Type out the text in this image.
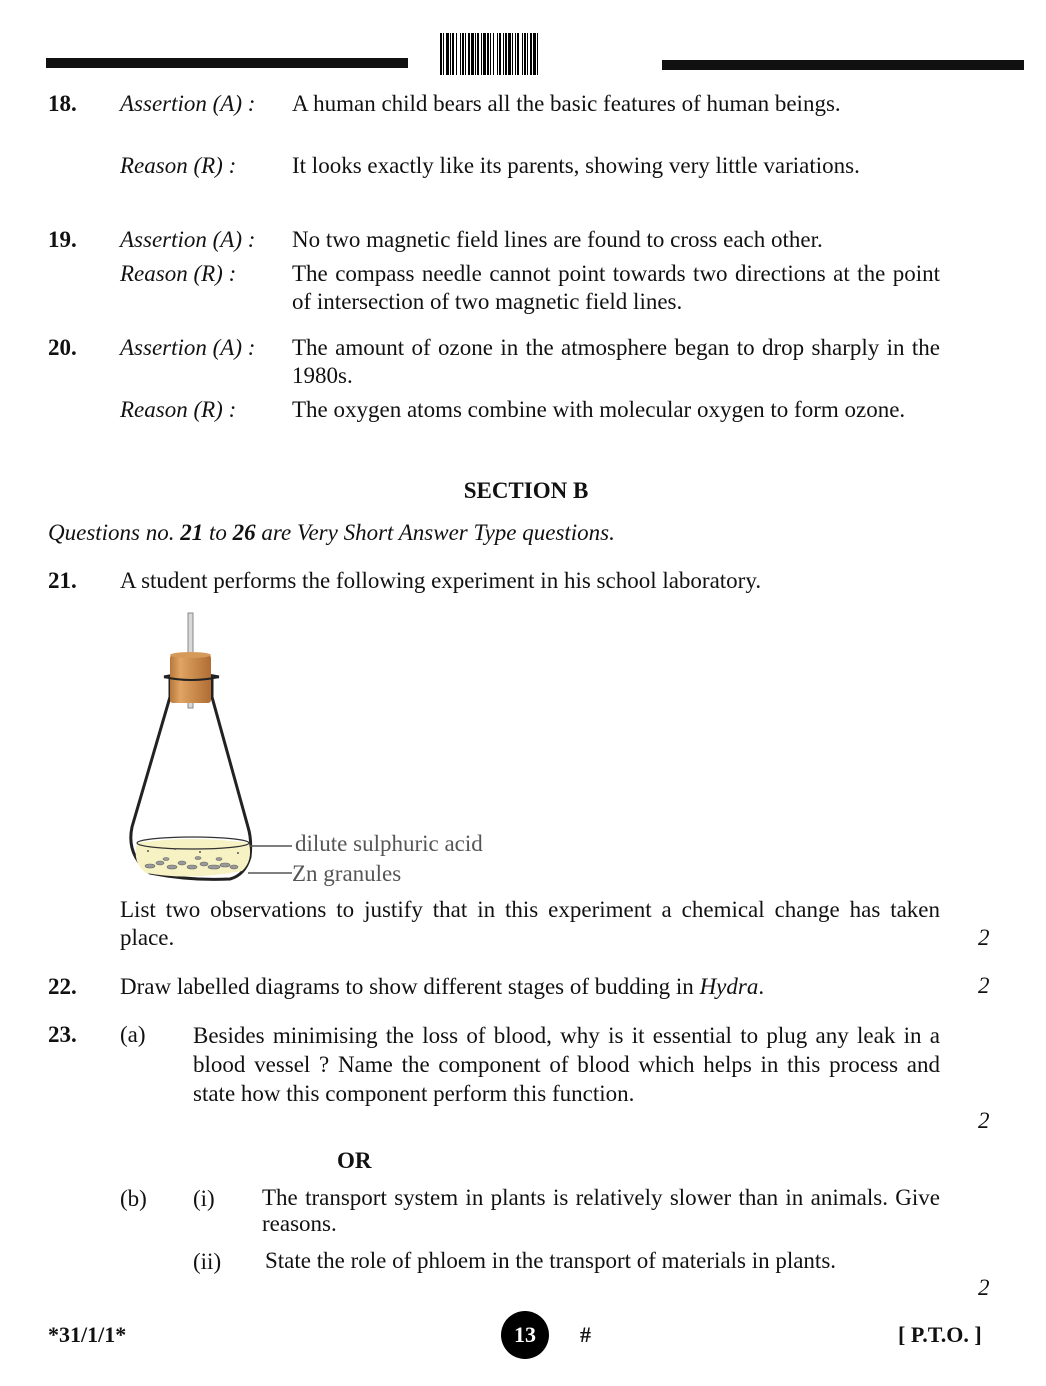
18. Assertion (A) : A human child bears all the basic features of human beings.
Reason (R) : It looks exactly like its parents, showing very little variations.
19. Assertion (A) : No two magnetic field lines are found to cross each other.
Reason (R) : The compass needle cannot point towards two directions at the point of intersection of two magnetic field lines.
20. Assertion (A) : The amount of ozone in the atmosphere began to drop sharply in the 1980s.
Reason (R) : The oxygen atoms combine with molecular oxygen to form ozone.
SECTION B
Questions no. 21 to 26 are Very Short Answer Type questions.
21. A student performs the following experiment in his school laboratory.
dilute sulphuric acid
Zn granules
List two observations to justify that in this experiment a chemical change has taken place.	2
22. Draw labelled diagrams to show different stages of budding in Hydra.	2
23. (a) Besides minimising the loss of blood, why is it essential to plug any leak in a blood vessel ? Name the component of blood which helps in this process and state how this component perform this function.
2
OR
(b) (i) The transport system in plants is relatively slower than in animals. Give reasons.
(ii) State the role of phloem in the transport of materials in plants.
2
*31/1/1*	13	#	[ P.T.O. ]
